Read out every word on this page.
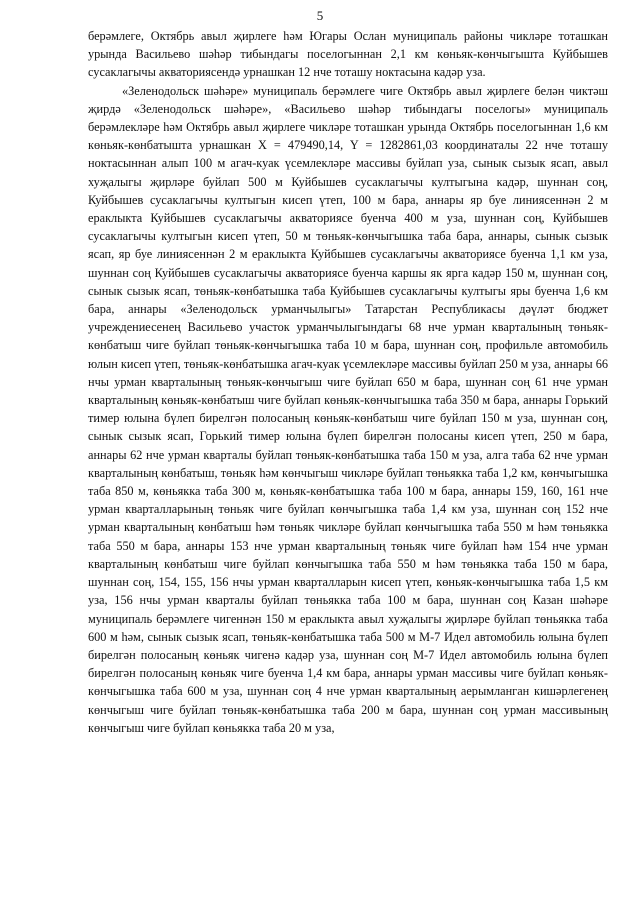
5

берәмлеге, Октябрь авыл җирлеге һәм Югары Ослан муниципаль районы чикләре тоташкан урында Васильево шәһәр тибындагы поселогыннан 2,1 км көньяк-көнчыгышта Куйбышев сусаклагычы акваториясендә урнашкан 12 нче тоташу ноктасына кадәр уза.

«Зеленодольск шәһәре» муниципаль берәмлеге чиге Октябрь авыл җирлеге белән чиктәш җирдә «Зеленодольск шәһәре», «Васильево шәһәр тибындагы поселогы» муниципаль берәмлекләре һәм Октябрь авыл җирлеге чикләре тоташкан урында Октябрь поселогыннан 1,6 км көньяк-көнбатышта урнашкан X = 479490,14, Y = 1282861,03 координаталы 22 нче тоташу ноктасыннан алып 100 м агач-куак үсемлекләре массивы буйлап уза, сынык сызык ясап, авыл хуҗалыгы җирләре буйлап 500 м Куйбышев сусаклагычы култыгына кадәр, шуннан соң, Куйбышев сусаклагычы култыгын кисеп үтеп, 100 м бара, аннары яр буе линиясеннән 2 м ераклыкта Куйбышев сусаклагычы акваториясе буенча 400 м уза, шуннан соң, Куйбышев сусаклагычы култыгын кисеп үтеп, 50 м төньяк-көнчыгышка таба бара, аннары, сынык сызык ясап, яр буе линиясеннән 2 м ераклыкта Куйбышев сусаклагычы акваториясе буенча 1,1 км уза, шуннан соң Куйбышев сусаклагычы акваториясе буенча каршы як ярга кадәр 150 м, шуннан соң, сынык сызык ясап, төньяк-көнбатышка таба Куйбышев сусаклагычы култыгы яры буенча 1,6 км бара, аннары «Зеленодольск урманчылыгы» Татарстан Республикасы дәүләт бюджет учреждениесенең Васильево участок урманчылыгындагы 68 нче урман кварталының төньяк-көнбатыш чиге буйлап төньяк-көнчыгышка таба 10 м бара, шуннан соң, профильле автомобиль юлын кисеп үтеп, төньяк-көнбатышка агач-куак үсемлекләре массивы буйлап 250 м уза, аннары 66 нчы урман кварталының төньяк-көнчыгыш чиге буйлап 650 м бара, шуннан соң 61 нче урман кварталының көньяк-көнбатыш чиге буйлап көньяк-көнчыгышка таба 350 м бара, аннары Горький тимер юлына бүлеп бирелгән полосаның көньяк-көнбатыш чиге буйлап 150 м уза, шуннан соң, сынык сызык ясап, Горький тимер юлына бүлеп бирелгән полосаны кисеп үтеп, 250 м бара, аннары 62 нче урман кварталы буйлап төньяк-көнбатышка таба 150 м уза, алга таба 62 нче урман кварталының көнбатыш, төньяк һәм көнчыгыш чикләре буйлап төньякка таба 1,2 км, көнчыгышка таба 850 м, көньякка таба 300 м, көньяк-көнбатышка таба 100 м бара, аннары 159, 160, 161 нче урман кварталларының төньяк чиге буйлап көнчыгышка таба 1,4 км уза, шуннан соң 152 нче урман кварталының көнбатыш һәм төньяк чикләре буйлап көнчыгышка таба 550 м һәм төньякка таба 550 м бара, аннары 153 нче урман кварталының төньяк чиге буйлап һәм 154 нче урман кварталының көнбатыш чиге буйлап көнчыгышка таба 550 м һәм төньякка таба 150 м бара, шуннан соң, 154, 155, 156 нчы урман кварталларын кисеп үтеп, көньяк-көнчыгышка таба 1,5 км уза, 156 нчы урман кварталы буйлап төньякка таба 100 м бара, шуннан соң Казан шәһәре муниципаль берәмлеге чигеннән 150 м ераклыкта авыл хуҗалыгы җирләре буйлап төньякка таба 600 м һәм, сынык сызык ясап, төньяк-көнбатышка таба 500 м М-7 Идел автомобиль юлына бүлеп бирелгән полосаның көньяк чигенә кадәр уза, шуннан соң М-7 Идел автомобиль юлына бүлеп бирелгән полосаның көньяк чиге буенча 1,4 км бара, аннары урман массивы чиге буйлап көньяк-көнчыгышка таба 600 м уза, шуннан соң 4 нче урман кварталының аерымланган кишәрлегенең көнчыгыш чиге буйлап төньяк-көнбатышка таба 200 м бара, шуннан соң урман массивының көнчыгыш чиге буйлап көньякка таба 20 м уза,
